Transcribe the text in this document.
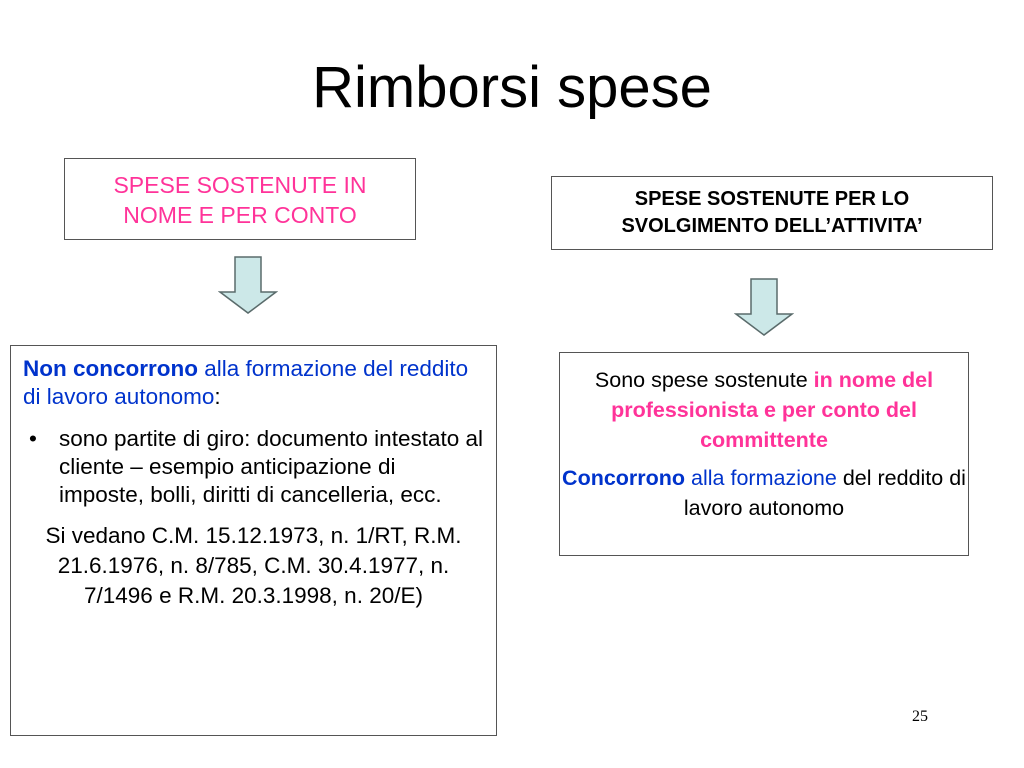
Rimborsi spese
SPESE SOSTENUTE IN
NOME E PER CONTO
SPESE SOSTENUTE PER LO
SVOLGIMENTO DELL’ATTIVITA’
Non concorrono alla formazione del reddito di lavoro autonomo:
• sono partite di giro: documento intestato al cliente – esempio anticipazione di imposte, bolli, diritti di cancelleria, ecc.
Si vedano C.M. 15.12.1973, n. 1/RT, R.M. 21.6.1976, n. 8/785, C.M. 30.4.1977, n. 7/1496 e R.M. 20.3.1998, n. 20/E)
Sono spese sostenute in nome del professionista e per conto del committente
Concorrono alla formazione del reddito di lavoro autonomo
25
